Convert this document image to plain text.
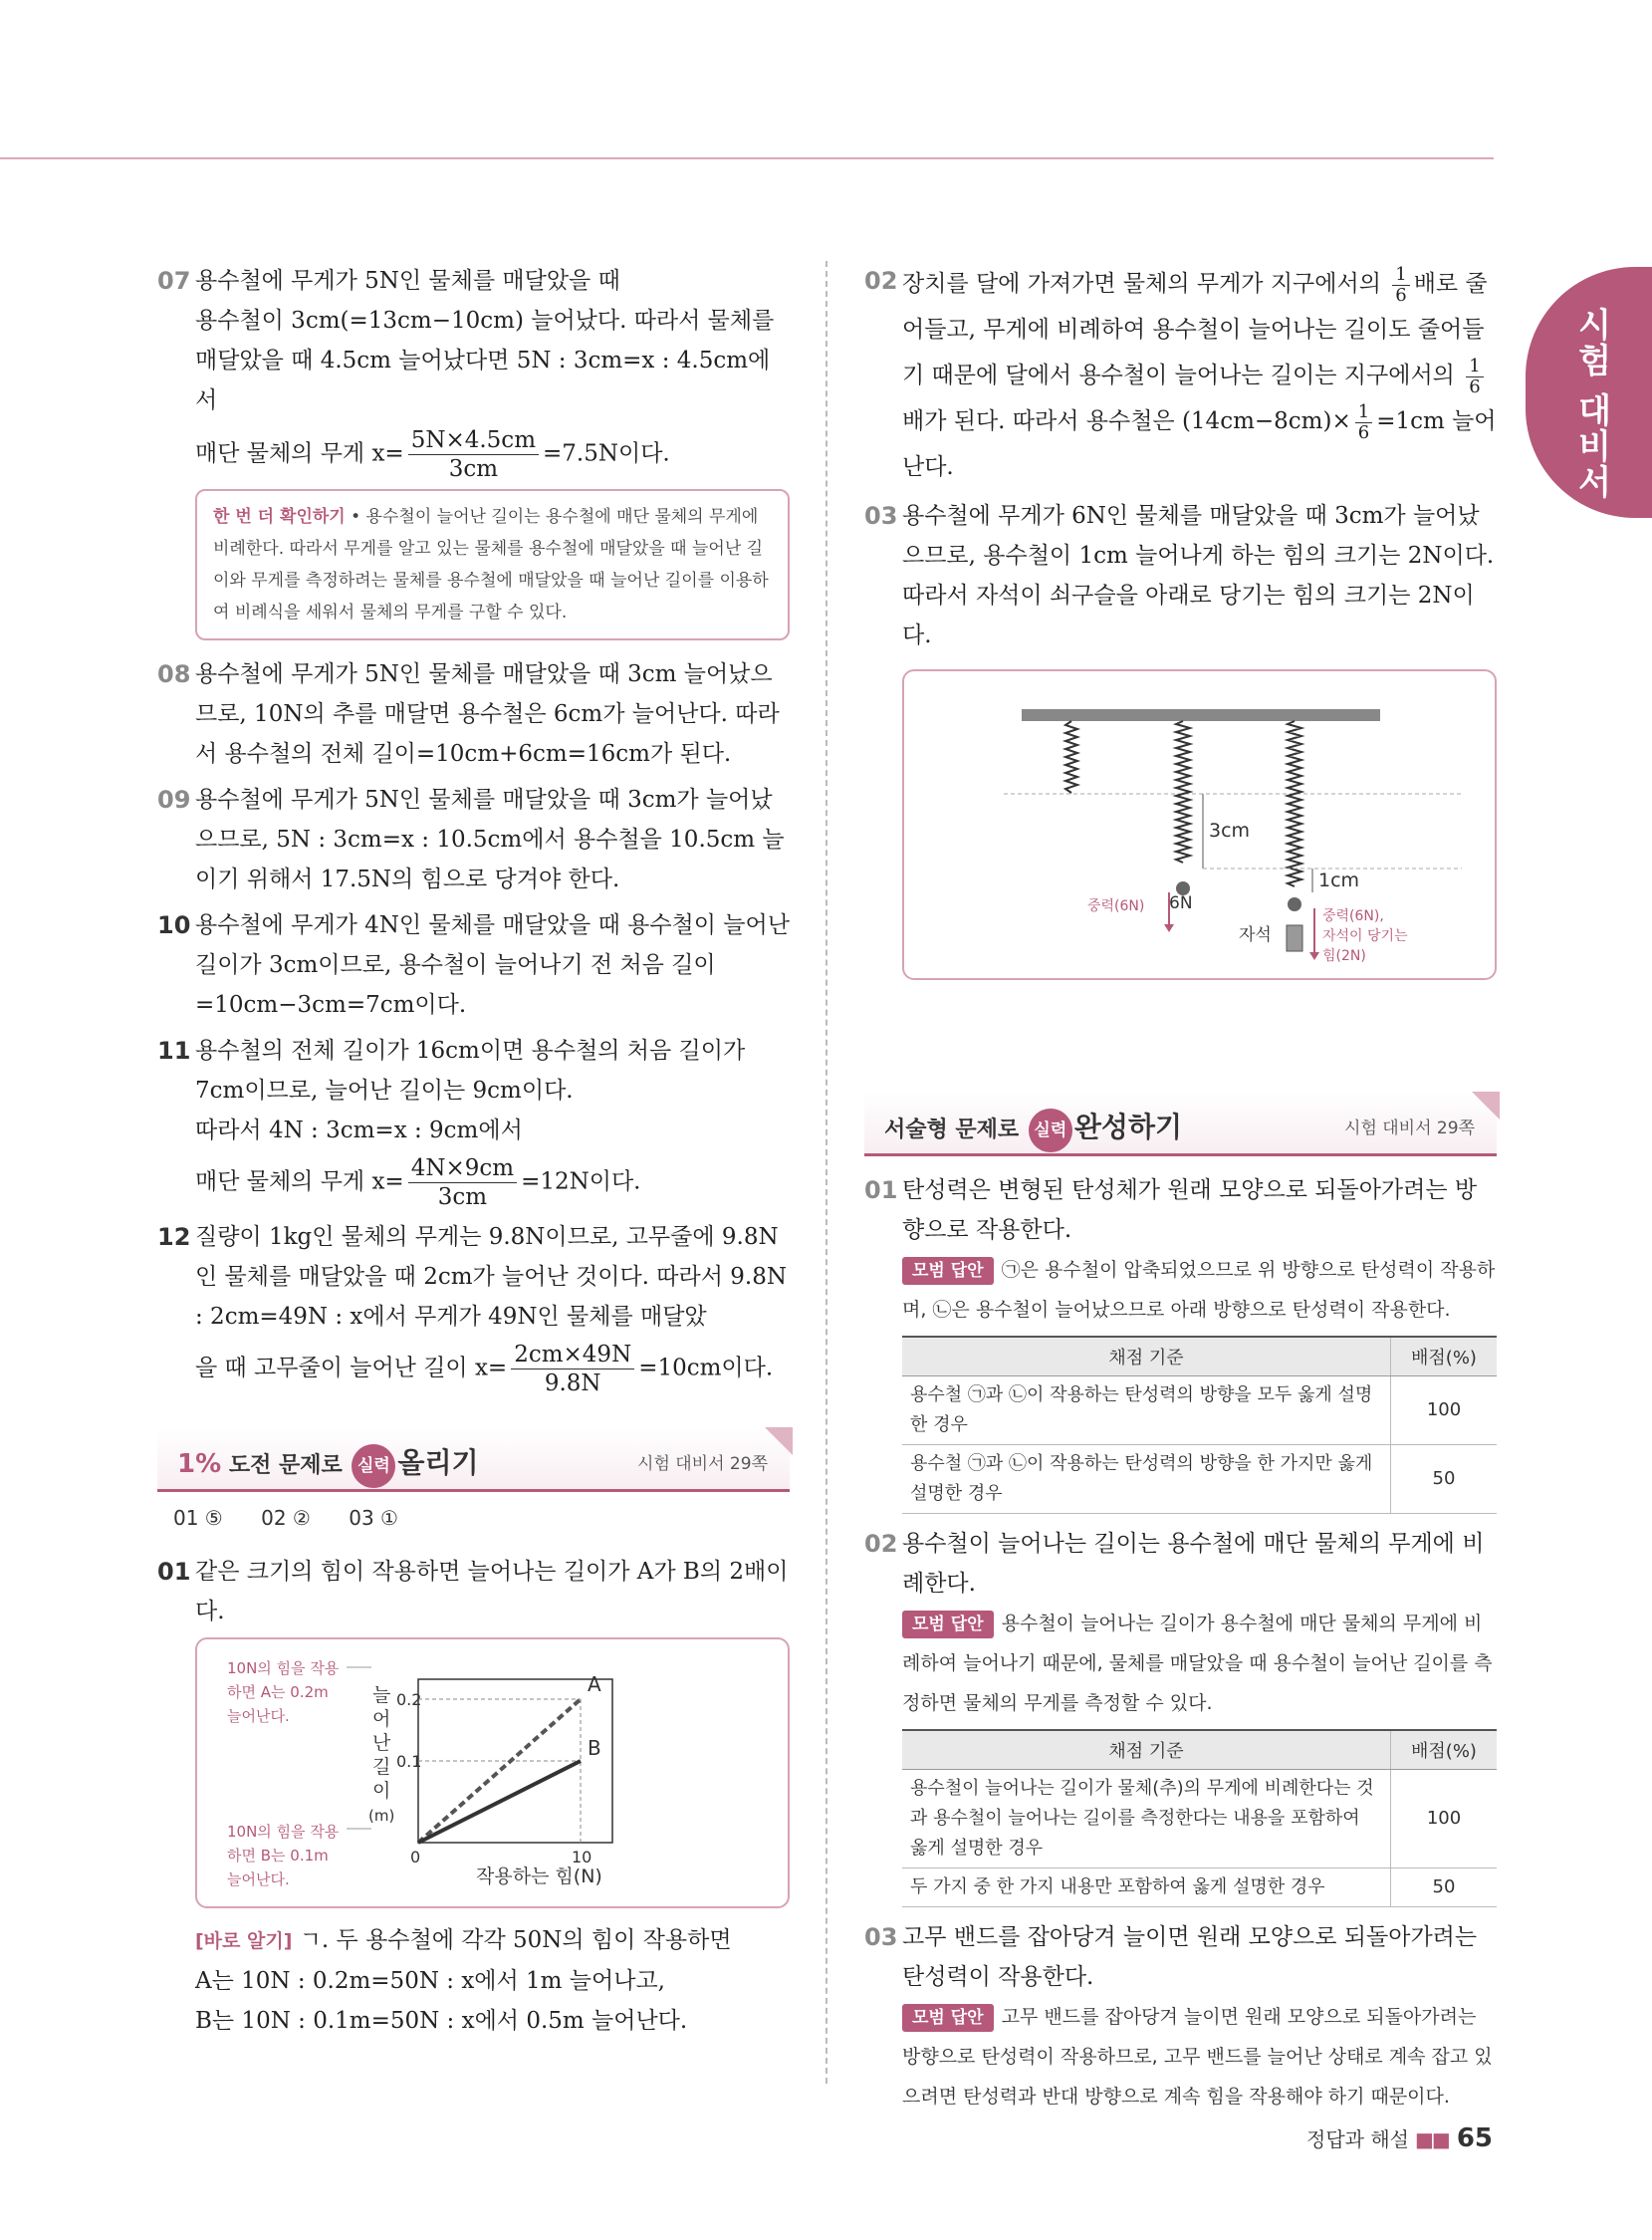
시험 대비서
07 용수철에 무게가 5N인 물체를 매달았을 때
용수철이 3cm(=13cm−10cm) 늘어났다. 따라서 물체를
매달았을 때 4.5cm 늘어났다면 5N : 3cm=x : 4.5cm에서
매단 물체의 무게 $x= \frac{5N\times 4.5cm}{3cm} =7.5N$이다.
한 번 더 확인하기 • 용수철이 늘어난 길이는 용수철에 매단 물체의 무게에 비례한다. 따라서 무게를 알고 있는 물체를 용수철에 매달았을 때 늘어난 길이와 무게를 측정하려는 물체를 용수철에 매달았을 때 늘어난 길이를 이용하여 비례식을 세워서 물체의 무게를 구할 수 있다.
08 용수철에 무게가 5N인 물체를 매달았을 때 3cm 늘어났으므로, 10N의 추를 매달면 용수철은 6cm가 늘어난다. 따라서 용수철의 전체 길이=10cm+6cm=16cm가 된다.
09 용수철에 무게가 5N인 물체를 매달았을 때 3cm가 늘어났으므로, 5N : 3cm=x : 10.5cm에서 용수철을 10.5cm 늘이기 위해서 17.5N의 힘으로 당겨야 한다.
10 용수철에 무게가 4N인 물체를 매달았을 때 용수철이 늘어난 길이가 3cm이므로, 용수철이 늘어나기 전 처음 길이 =10cm−3cm=7cm이다.
11 용수철의 전체 길이가 16cm이면 용수철의 처음 길이가 7cm이므로, 늘어난 길이는 9cm이다.
따라서 4N : 3cm=x : 9cm에서
매단 물체의 무게 $x= \frac{4N\times 9cm}{3cm} =12N$이다.
12 질량이 1kg인 물체의 무게는 9.8N이므로, 고무줄에 9.8N인 물체를 매달았을 때 2cm가 늘어난 것이다. 따라서 9.8N : 2cm=49N : x에서 무게가 49N인 물체를 매달았
을 때 고무줄이 늘어난 길이 $x= \frac{2cm\times 49N}{9.8N} =10cm$이다.
1% 도전 문제로 실력 올리기	시험 대비서 29쪽
01 ⑤ 02 ② 03 ①
01 같은 크기의 힘이 작용하면 늘어나는 길이가 A가 B의 2배이다.
10N의 힘을 작용
하면 A는 0.2m
늘어난다.
10N의 힘을 작용
하면 B는 0.1m
늘어난다.
늘
어
난
길
이
(m)
0.2
0.1
0	10
A
B
작용하는 힘(N)
[바로 알기] ㄱ. 두 용수철에 각각 50N의 힘이 작용하면
A는 10N : 0.2m=50N : x에서 1m 늘어나고,
B는 10N : 0.1m=50N : x에서 0.5m 늘어난다.
02 장치를 달에 가져가면 물체의 무게가 지구에서의 $\frac{1}{6}$ 배로 줄어들고, 무게에 비례하여 용수철이 늘어나는 길이도 줄어들기 때문에 달에서 용수철이 늘어나는 길이는 지구에서의 $\frac{1}{6}$
배가 된다. 따라서 용수철은 $(14cm-8cm)\times \frac{1}{6} =1cm$ 늘어난다.
03 용수철에 무게가 6N인 물체를 매달았을 때 3cm가 늘어났으므로, 용수철이 1cm 늘어나게 하는 힘의 크기는 2N이다. 따라서 자석이 쇠구슬을 아래로 당기는 힘의 크기는 2N이다.
3cm
1cm
중력(6N) 6N
자석
중력(6N),
자석이 당기는
힘(2N)
서술형 문제로 실력 완성하기	시험 대비서 29쪽
01 탄성력은 변형된 탄성체가 원래 모양으로 되돌아가려는 방향으로 작용한다.
모범 답안 ㉠은 용수철이 압축되었으므로 위 방향으로 탄성력이 작용하며, ㉡은 용수철이 늘어났으므로 아래 방향으로 탄성력이 작용한다.
채점 기준	배점(%)
용수철 ㉠과 ㉡이 작용하는 탄성력의 방향을 모두 옳게 설명한 경우	100
용수철 ㉠과 ㉡이 작용하는 탄성력의 방향을 한 가지만 옳게 설명한 경우	50
02 용수철이 늘어나는 길이는 용수철에 매단 물체의 무게에 비례한다.
모범 답안 용수철이 늘어나는 길이가 용수철에 매단 물체의 무게에 비례하여 늘어나기 때문에, 물체를 매달았을 때 용수철이 늘어난 길이를 측정하면 물체의 무게를 측정할 수 있다.
채점 기준	배점(%)
용수철이 늘어나는 길이가 물체(추)의 무게에 비례한다는 것과 용수철이 늘어나는 길이를 측정한다는 내용을 포함하여 옳게 설명한 경우	100
두 가지 중 한 가지 내용만 포함하여 옳게 설명한 경우	50
03 고무 밴드를 잡아당겨 늘이면 원래 모양으로 되돌아가려는 탄성력이 작용한다.
모범 답안 고무 밴드를 잡아당겨 늘이면 원래 모양으로 되돌아가려는 방향으로 탄성력이 작용하므로, 고무 밴드를 늘어난 상태로 계속 잡고 있으려면 탄성력과 반대 방향으로 계속 힘을 작용해야 하기 때문이다.
정답과 해설 ■■ 65
